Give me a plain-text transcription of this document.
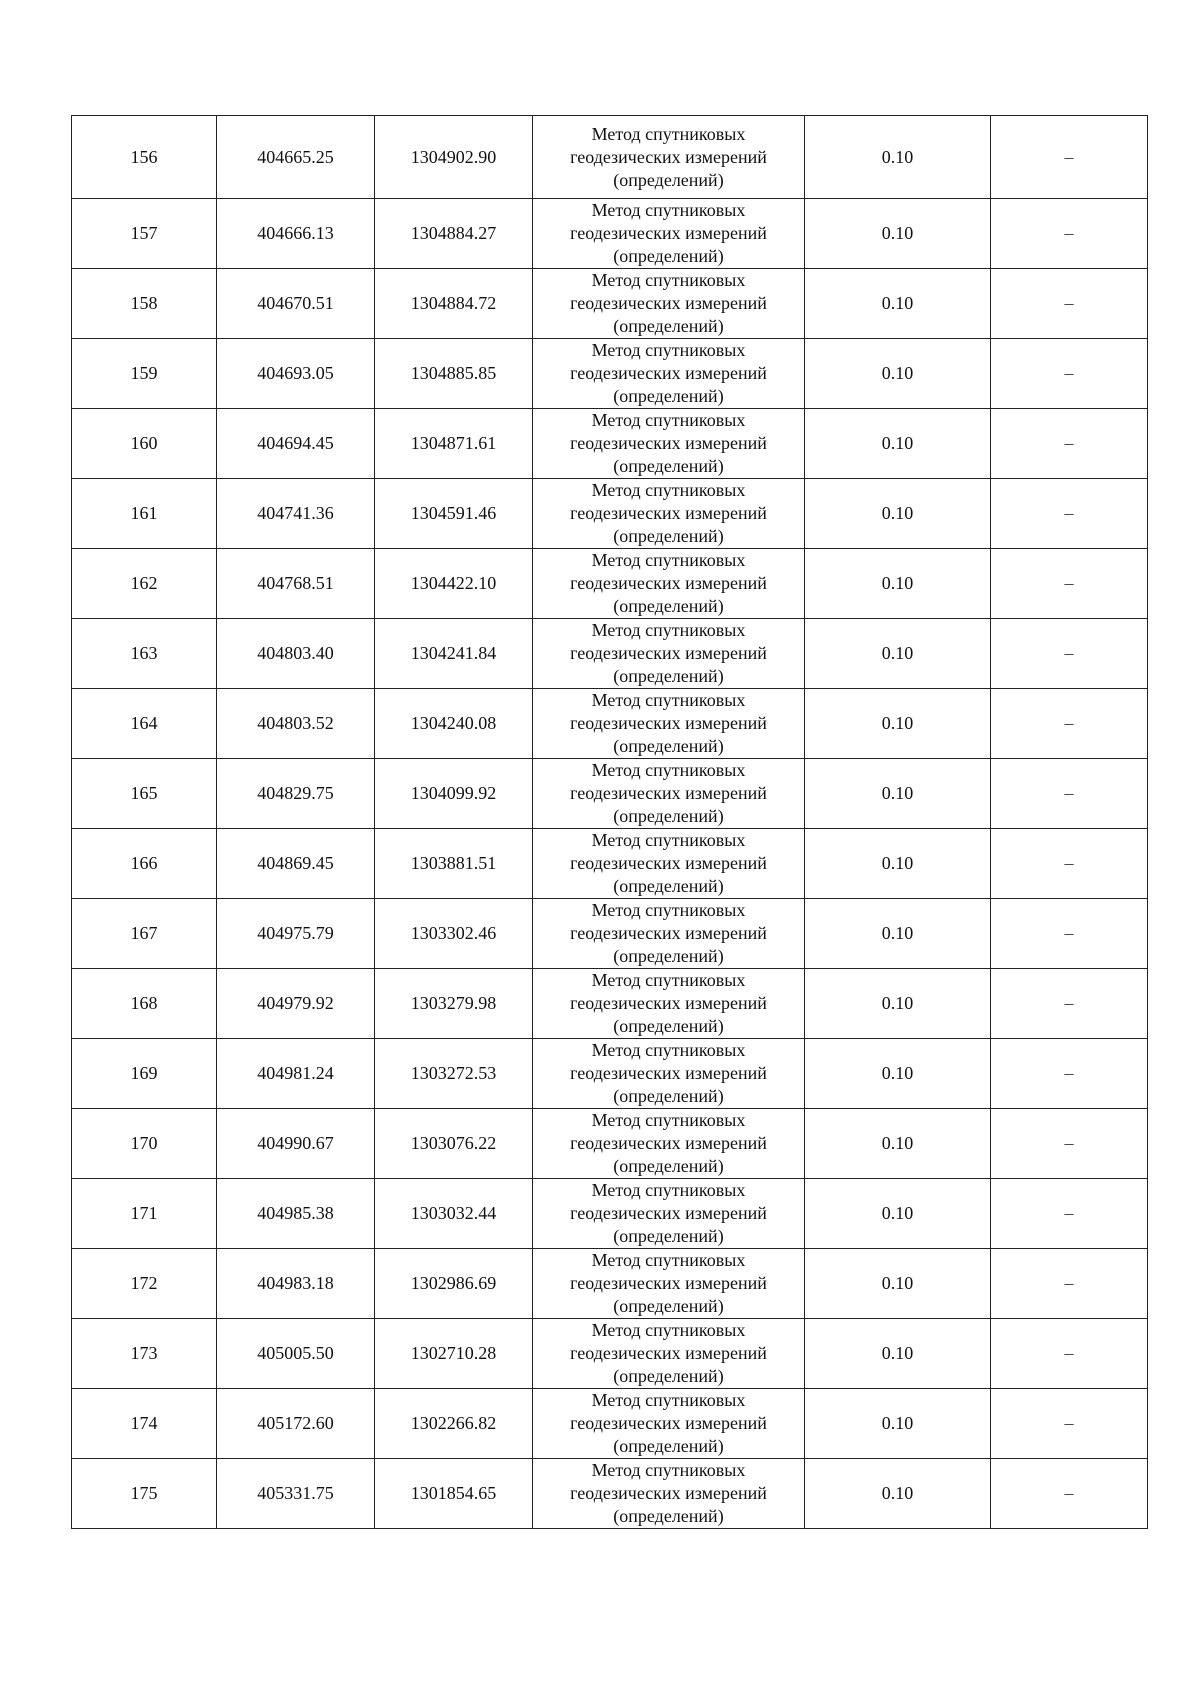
156	404665.25	1304902.90	Метод спутниковых
геодезических измерений
(определений)	0.10	–
157	404666.13	1304884.27	Метод спутниковых
геодезических измерений
(определений)	0.10	–
158	404670.51	1304884.72	Метод спутниковых
геодезических измерений
(определений)	0.10	–
159	404693.05	1304885.85	Метод спутниковых
геодезических измерений
(определений)	0.10	–
160	404694.45	1304871.61	Метод спутниковых
геодезических измерений
(определений)	0.10	–
161	404741.36	1304591.46	Метод спутниковых
геодезических измерений
(определений)	0.10	–
162	404768.51	1304422.10	Метод спутниковых
геодезических измерений
(определений)	0.10	–
163	404803.40	1304241.84	Метод спутниковых
геодезических измерений
(определений)	0.10	–
164	404803.52	1304240.08	Метод спутниковых
геодезических измерений
(определений)	0.10	–
165	404829.75	1304099.92	Метод спутниковых
геодезических измерений
(определений)	0.10	–
166	404869.45	1303881.51	Метод спутниковых
геодезических измерений
(определений)	0.10	–
167	404975.79	1303302.46	Метод спутниковых
геодезических измерений
(определений)	0.10	–
168	404979.92	1303279.98	Метод спутниковых
геодезических измерений
(определений)	0.10	–
169	404981.24	1303272.53	Метод спутниковых
геодезических измерений
(определений)	0.10	–
170	404990.67	1303076.22	Метод спутниковых
геодезических измерений
(определений)	0.10	–
171	404985.38	1303032.44	Метод спутниковых
геодезических измерений
(определений)	0.10	–
172	404983.18	1302986.69	Метод спутниковых
геодезических измерений
(определений)	0.10	–
173	405005.50	1302710.28	Метод спутниковых
геодезических измерений
(определений)	0.10	–
174	405172.60	1302266.82	Метод спутниковых
геодезических измерений
(определений)	0.10	–
175	405331.75	1301854.65	Метод спутниковых
геодезических измерений
(определений)	0.10	–
